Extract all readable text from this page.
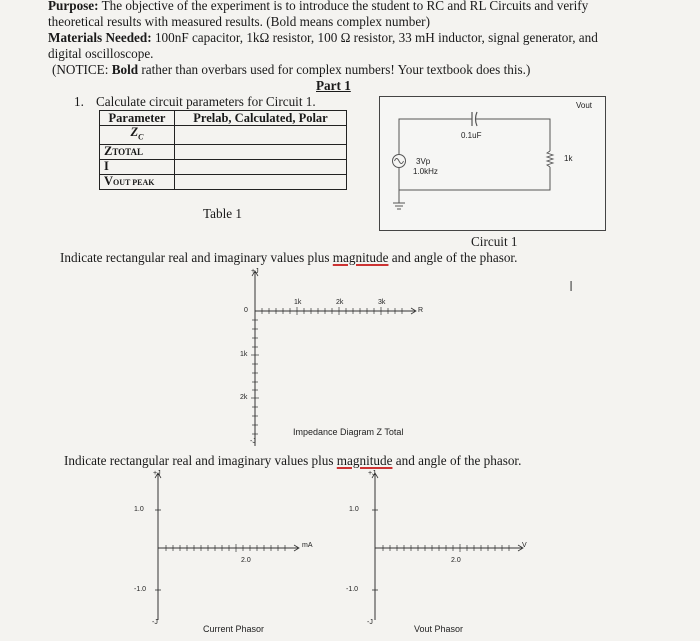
Purpose: The objective of the experiment is to introduce the student to RC and RL Circuits and verify
theoretical results with measured results. (Bold means complex number)
Materials Needed: 100nF capacitor, 1kΩ resistor, 100 Ω resistor, 33 mH inductor, signal generator, and
digital oscilloscope.
(NOTICE: Bold rather than overbars used for complex numbers! Your textbook does this.)
Part 1
1. Calculate circuit parameters for Circuit 1.
Parameter	Prelab, Calculated, Polar
$Z_C$	
ZTOTAL	
I	
VOUT PEAK	
Table 1
0.1uF
3Vp
1.0kHz
1k
Vout
Circuit 1
Indicate rectangular real and imaginary values plus magnitude and angle of the phasor.
I
+J
-J
0
1k	2k	3k
R
1k
2k
Impedance Diagram Z Total
Indicate rectangular real and imaginary values plus magnitude and angle of the phasor.
+J
-J
1.0
-1.0
2.0
mA
Current Phasor
+J
-J
1.0
-1.0
2.0
V
Vout Phasor
